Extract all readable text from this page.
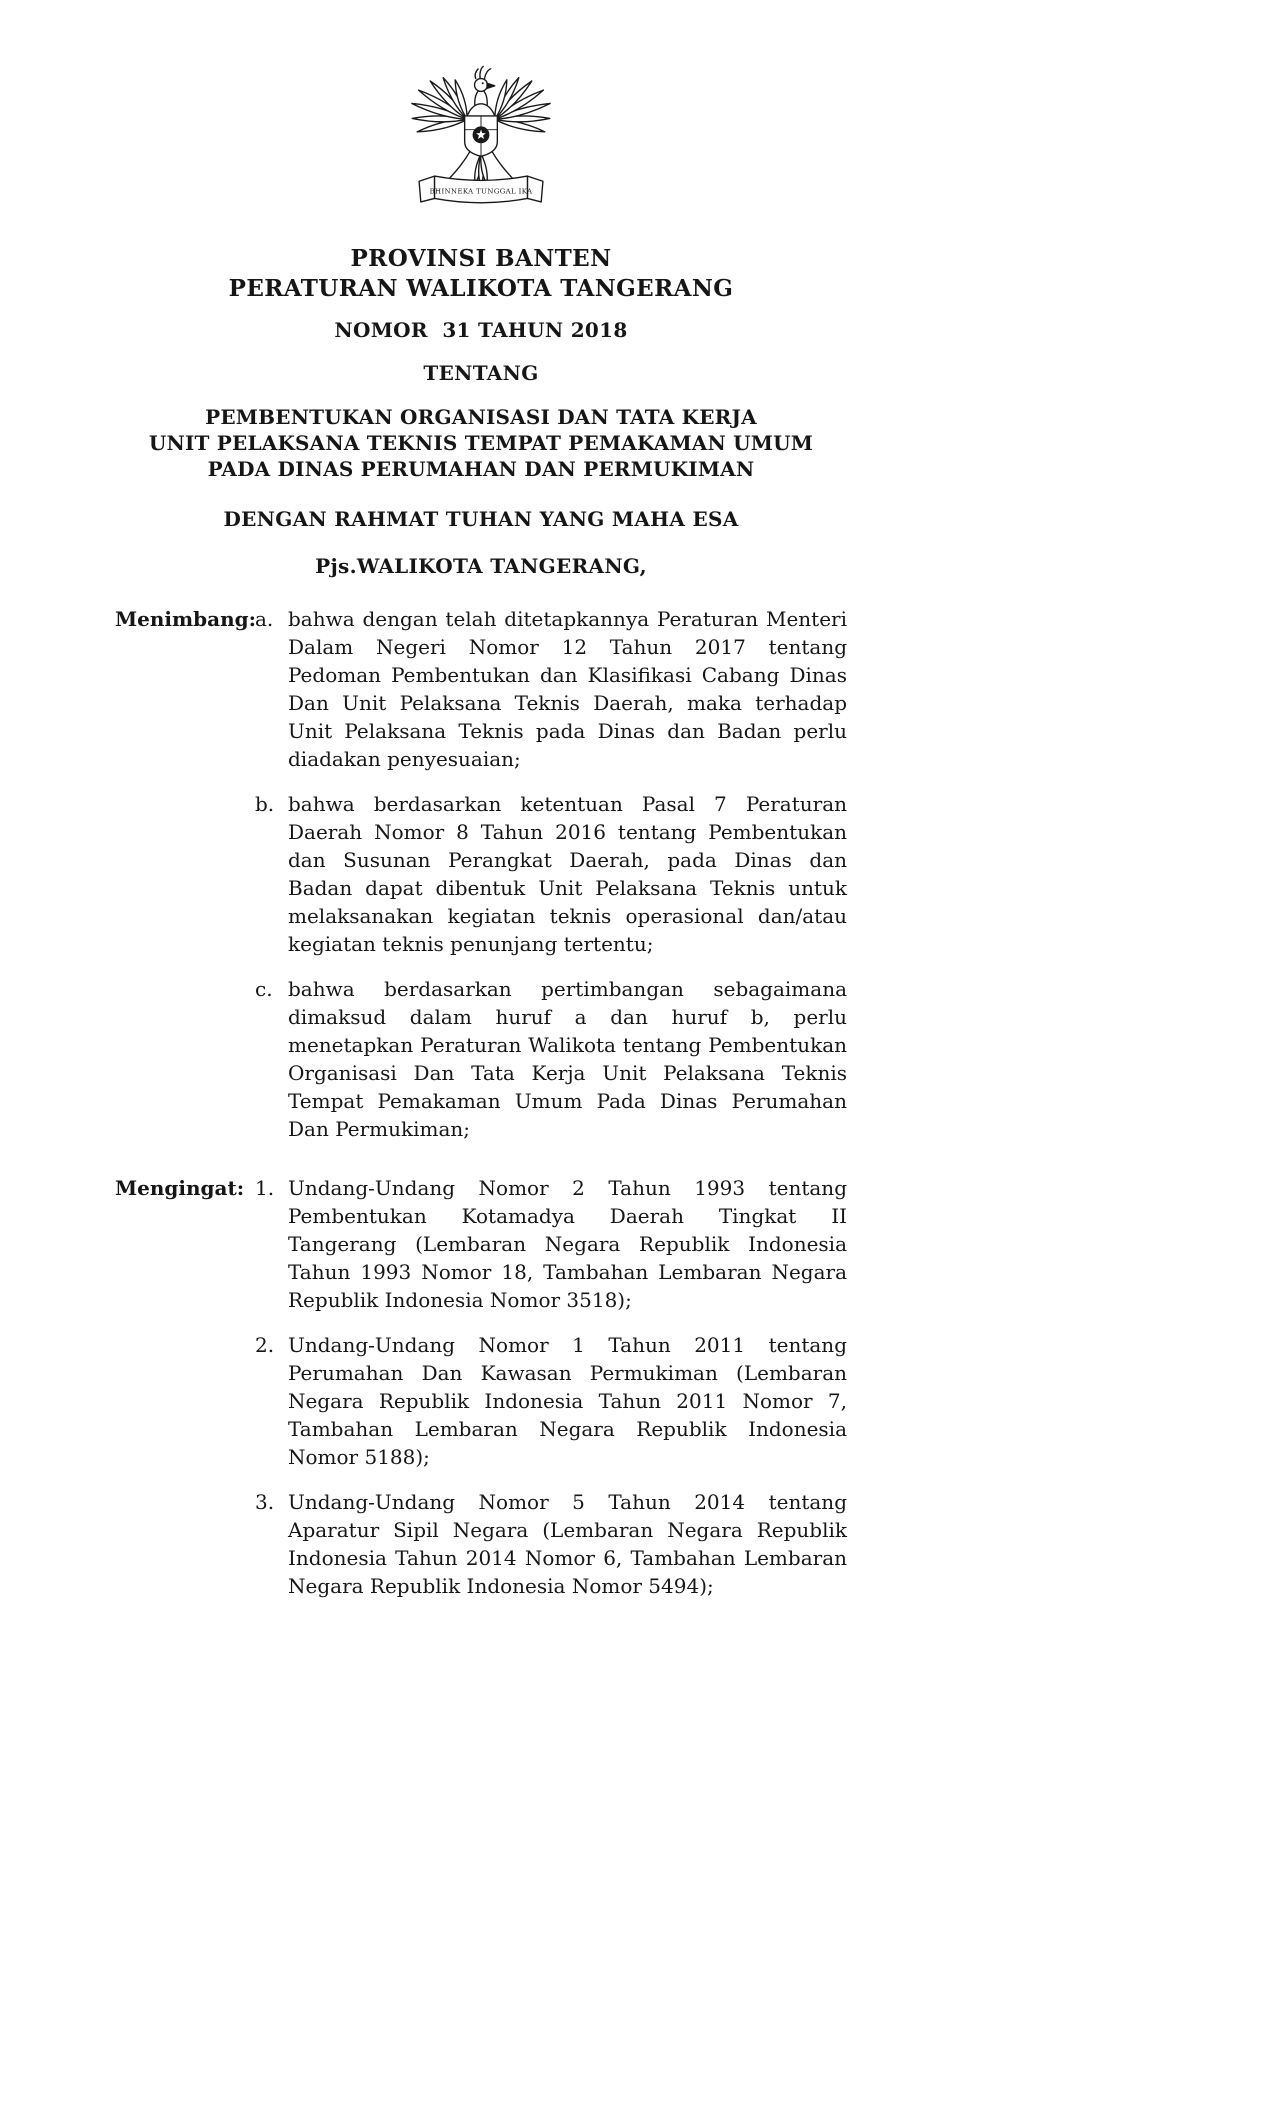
BHINNEKA TUNGGAL IKA
PROVINSI BANTEN
PERATURAN WALIKOTA TANGERANG
NOMOR  31 TAHUN 2018
TENTANG
PEMBENTUKAN ORGANISASI DAN TATA KERJA
UNIT PELAKSANA TEKNIS TEMPAT PEMAKAMAN UMUM
PADA DINAS PERUMAHAN DAN PERMUKIMAN
DENGAN RAHMAT TUHAN YANG MAHA ESA
Pjs.WALIKOTA TANGERANG,
Menimbang :
a. bahwa dengan telah ditetapkannya Peraturan Menteri Dalam Negeri Nomor 12 Tahun 2017 tentang Pedoman Pembentukan dan Klasifikasi Cabang Dinas Dan Unit Pelaksana Teknis Daerah, maka terhadap Unit Pelaksana Teknis pada Dinas dan Badan perlu diadakan penyesuaian;
b. bahwa berdasarkan ketentuan Pasal 7 Peraturan Daerah Nomor 8 Tahun 2016 tentang Pembentukan dan Susunan Perangkat Daerah, pada Dinas dan Badan dapat dibentuk Unit Pelaksana Teknis untuk melaksanakan kegiatan teknis operasional dan/atau kegiatan teknis penunjang tertentu;
c. bahwa berdasarkan pertimbangan sebagaimana dimaksud dalam huruf a dan huruf b, perlu menetapkan Peraturan Walikota tentang Pembentukan Organisasi Dan Tata Kerja Unit Pelaksana Teknis Tempat Pemakaman Umum Pada Dinas Perumahan Dan Permukiman;
Mengingat : 1. Undang-Undang Nomor 2 Tahun 1993 tentang Pembentukan Kotamadya Daerah Tingkat II Tangerang (Lembaran Negara Republik Indonesia Tahun 1993 Nomor 18, Tambahan Lembaran Negara Republik Indonesia Nomor 3518);
2. Undang-Undang Nomor 1 Tahun 2011 tentang Perumahan Dan Kawasan Permukiman (Lembaran Negara Republik Indonesia Tahun 2011 Nomor 7, Tambahan Lembaran Negara Republik Indonesia Nomor 5188);
3. Undang-Undang Nomor 5 Tahun 2014 tentang Aparatur Sipil Negara (Lembaran Negara Republik Indonesia Tahun 2014 Nomor 6, Tambahan Lembaran Negara Republik Indonesia Nomor 5494);
